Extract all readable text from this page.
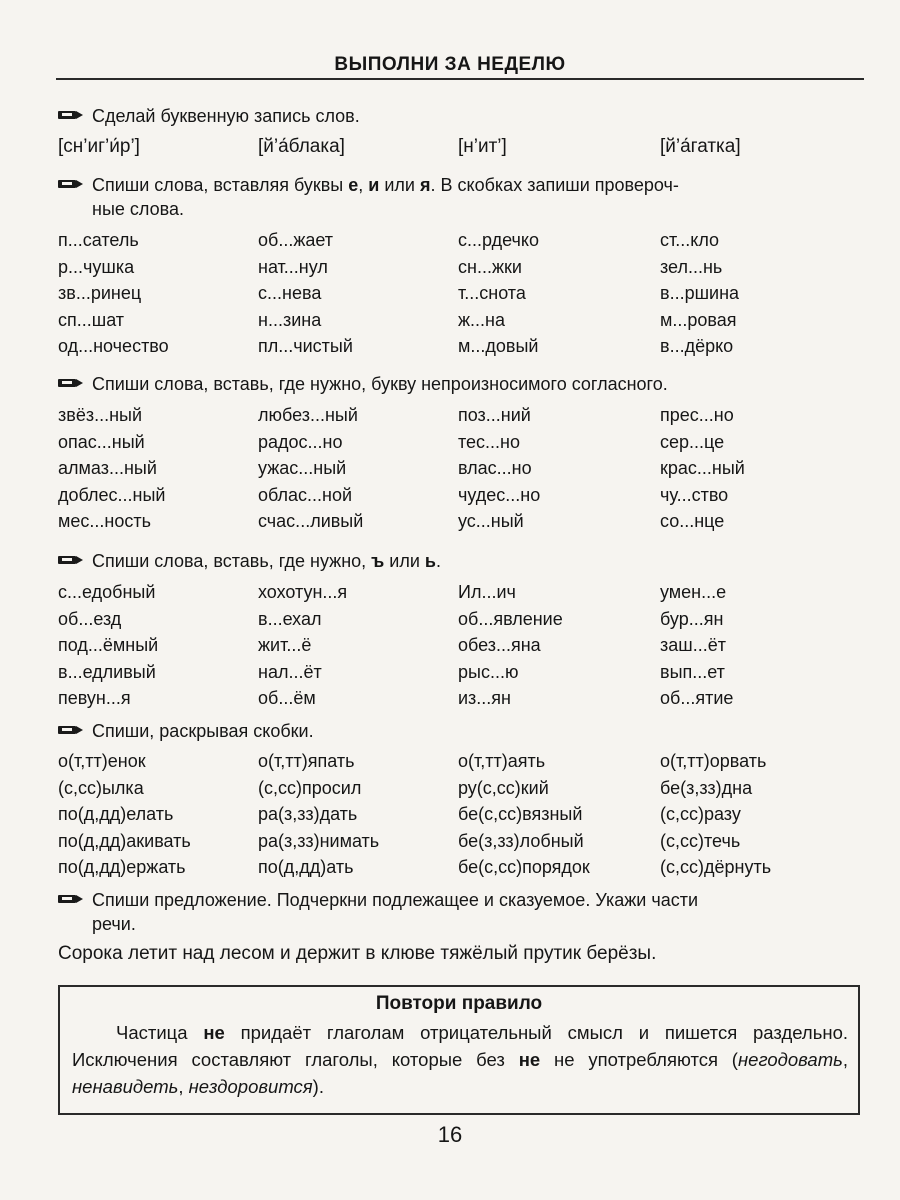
ВЫПОЛНИ ЗА НЕДЕЛЮ
Сделай буквенную запись слов.
[сн’иг’и́р’]	[й’а́блака]	[н’ит’]	[й’а́гатка]
Спиши слова, вставляя буквы е, и или я. В скобках запиши провероч-
ные слова.
п...сатель	об...жает	с...рдечко	ст...кло
р...чушка	нат...нул	сн...жки	зел...нь
зв...ринец	с...нева	т...снота	в...ршина
сп...шат	н...зина	ж...на	м...ровая
од...ночество	пл...чистый	м...довый	в...дёрко
Спиши слова, вставь, где нужно, букву непроизносимого согласного.
звёз...ный	любез...ный	поз...ний	прес...но
опас...ный	радос...но	тес...но	сер...це
алмаз...ный	ужас...ный	влас...но	крас...ный
доблес...ный	облас...ной	чудес...но	чу...ство
мес...ность	счас...ливый	ус...ный	со...нце
Спиши слова, вставь, где нужно, ъ или ь.
с...едобный	хохотун...я	Ил...ич	умен...е
об...езд	в...ехал	об...явление	бур...ян
под...ёмный	жит...ё	обез...яна	заш...ёт
в...едливый	нал...ёт	рыс...ю	вып...ет
певун...я	об...ём	из...ян	об...ятие
Спиши, раскрывая скобки.
о(т,тт)енок	о(т,тт)япать	о(т,тт)аять	о(т,тт)орвать
(с,сс)ылка	(с,сс)просил	ру(с,сс)кий	бе(з,зз)дна
по(д,дд)елать	ра(з,зз)дать	бе(с,сс)вязный	(с,сс)разу
по(д,дд)акивать	ра(з,зз)нимать	бе(з,зз)лобный	(с,сс)течь
по(д,дд)ержать	по(д,дд)ать	бе(с,сс)порядок	(с,сс)дёрнуть
Спиши предложение. Подчеркни подлежащее и сказуемое. Укажи части
речи.
Сорока летит над лесом и держит в клюве тяжёлый прутик берёзы.
Повтори правило
Частица не придаёт глаголам отрицательный смысл и пишется раздельно. Исключения составляют глаголы, которые без не не употребляются (негодовать, ненавидеть, нездоровится).
16
